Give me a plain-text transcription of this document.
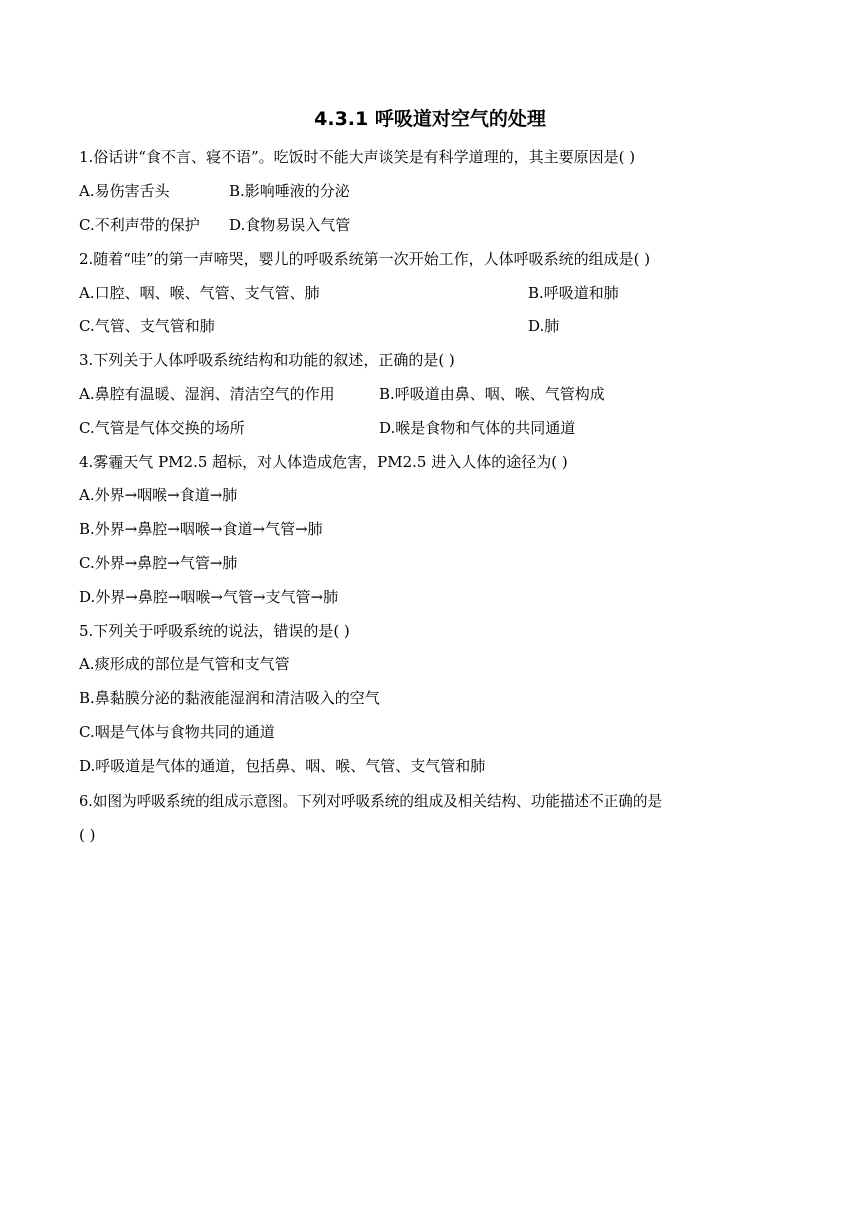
4.3.1 呼吸道对空气的处理
1.俗话讲“食不言、寝不语”。吃饭时不能大声谈笑是有科学道理的，其主要原因是( )
A.易伤害舌头	B.影响唾液的分泌
C.不利声带的保护 D.食物易误入气管
2.随着“哇”的第一声啼哭，婴儿的呼吸系统第一次开始工作，人体呼吸系统的组成是( )
A.口腔、咽、喉、气管、支气管、肺	B.呼吸道和肺
C.气管、支气管和肺	D.肺
3.下列关于人体呼吸系统结构和功能的叙述，正确的是( )
A.鼻腔有温暖、湿润、清洁空气的作用	B.呼吸道由鼻、咽、喉、气管构成
C.气管是气体交换的场所	D.喉是食物和气体的共同通道
4.雾霾天气 PM2.5 超标，对人体造成危害，PM2.5 进入人体的途径为( )
A.外界→咽喉→食道→肺
B.外界→鼻腔→咽喉→食道→气管→肺
C.外界→鼻腔→气管→肺
D.外界→鼻腔→咽喉→气管→支气管→肺
5.下列关于呼吸系统的说法，错误的是( )
A.痰形成的部位是气管和支气管
B.鼻黏膜分泌的黏液能湿润和清洁吸入的空气
C.咽是气体与食物共同的通道
D.呼吸道是气体的通道，包括鼻、咽、喉、气管、支气管和肺
6.如图为呼吸系统的组成示意图。下列对呼吸系统的组成及相关结构、功能描述不正确的是
( )
